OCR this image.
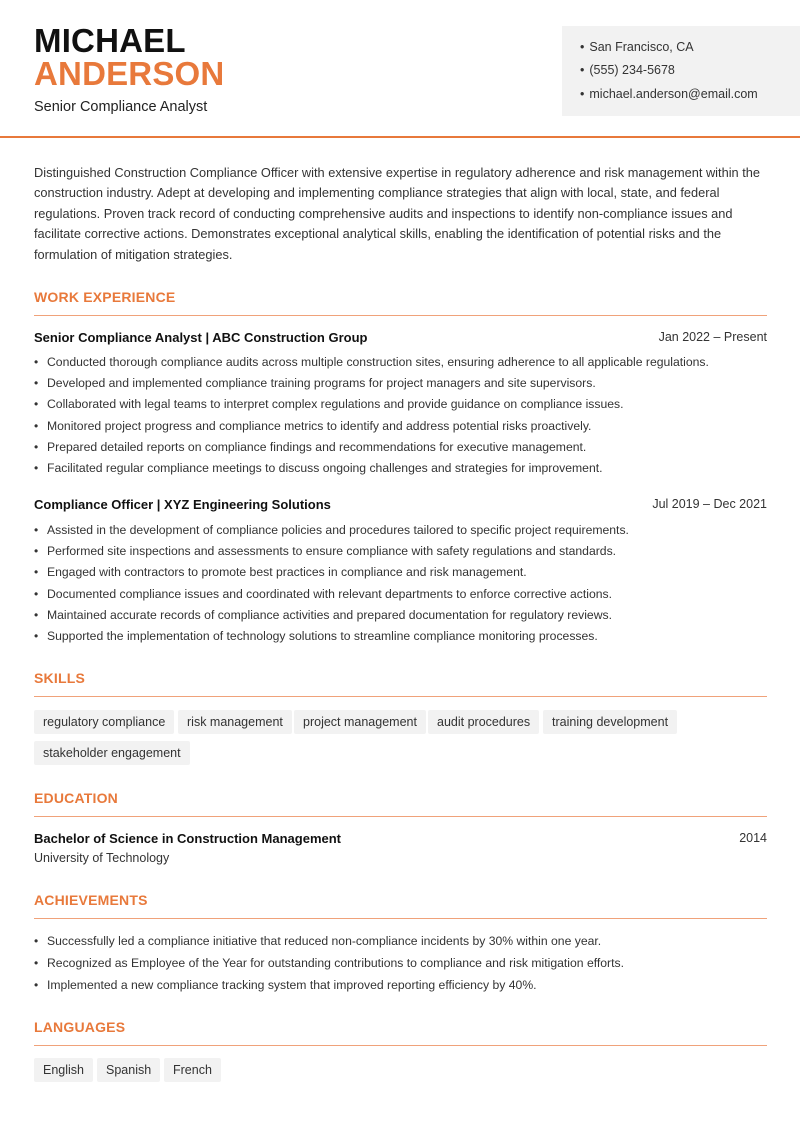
MICHAEL
ANDERSON
Senior Compliance Analyst
• San Francisco, CA
• (555) 234-5678
• michael.anderson@email.com

Distinguished Construction Compliance Officer with extensive expertise in regulatory adherence and risk management within the construction industry. Adept at developing and implementing compliance strategies that align with local, state, and federal regulations. Proven track record of conducting comprehensive audits and inspections to identify non-compliance issues and facilitate corrective actions. Demonstrates exceptional analytical skills, enabling the identification of potential risks and the formulation of mitigation strategies.

WORK EXPERIENCE
Senior Compliance Analyst | ABC Construction Group	Jan 2022 – Present
• Conducted thorough compliance audits across multiple construction sites, ensuring adherence to all applicable regulations.
• Developed and implemented compliance training programs for project managers and site supervisors.
• Collaborated with legal teams to interpret complex regulations and provide guidance on compliance issues.
• Monitored project progress and compliance metrics to identify and address potential risks proactively.
• Prepared detailed reports on compliance findings and recommendations for executive management.
• Facilitated regular compliance meetings to discuss ongoing challenges and strategies for improvement.
Compliance Officer | XYZ Engineering Solutions	Jul 2019 – Dec 2021
• Assisted in the development of compliance policies and procedures tailored to specific project requirements.
• Performed site inspections and assessments to ensure compliance with safety regulations and standards.
• Engaged with contractors to promote best practices in compliance and risk management.
• Documented compliance issues and coordinated with relevant departments to enforce corrective actions.
• Maintained accurate records of compliance activities and prepared documentation for regulatory reviews.
• Supported the implementation of technology solutions to streamline compliance monitoring processes.
SKILLS
regulatory compliance	risk management	project management	audit procedures	training development
stakeholder engagement
EDUCATION
Bachelor of Science in Construction Management	2014
University of Technology
ACHIEVEMENTS
• Successfully led a compliance initiative that reduced non-compliance incidents by 30% within one year.
• Recognized as Employee of the Year for outstanding contributions to compliance and risk mitigation efforts.
• Implemented a new compliance tracking system that improved reporting efficiency by 40%.
LANGUAGES
English	Spanish	French
